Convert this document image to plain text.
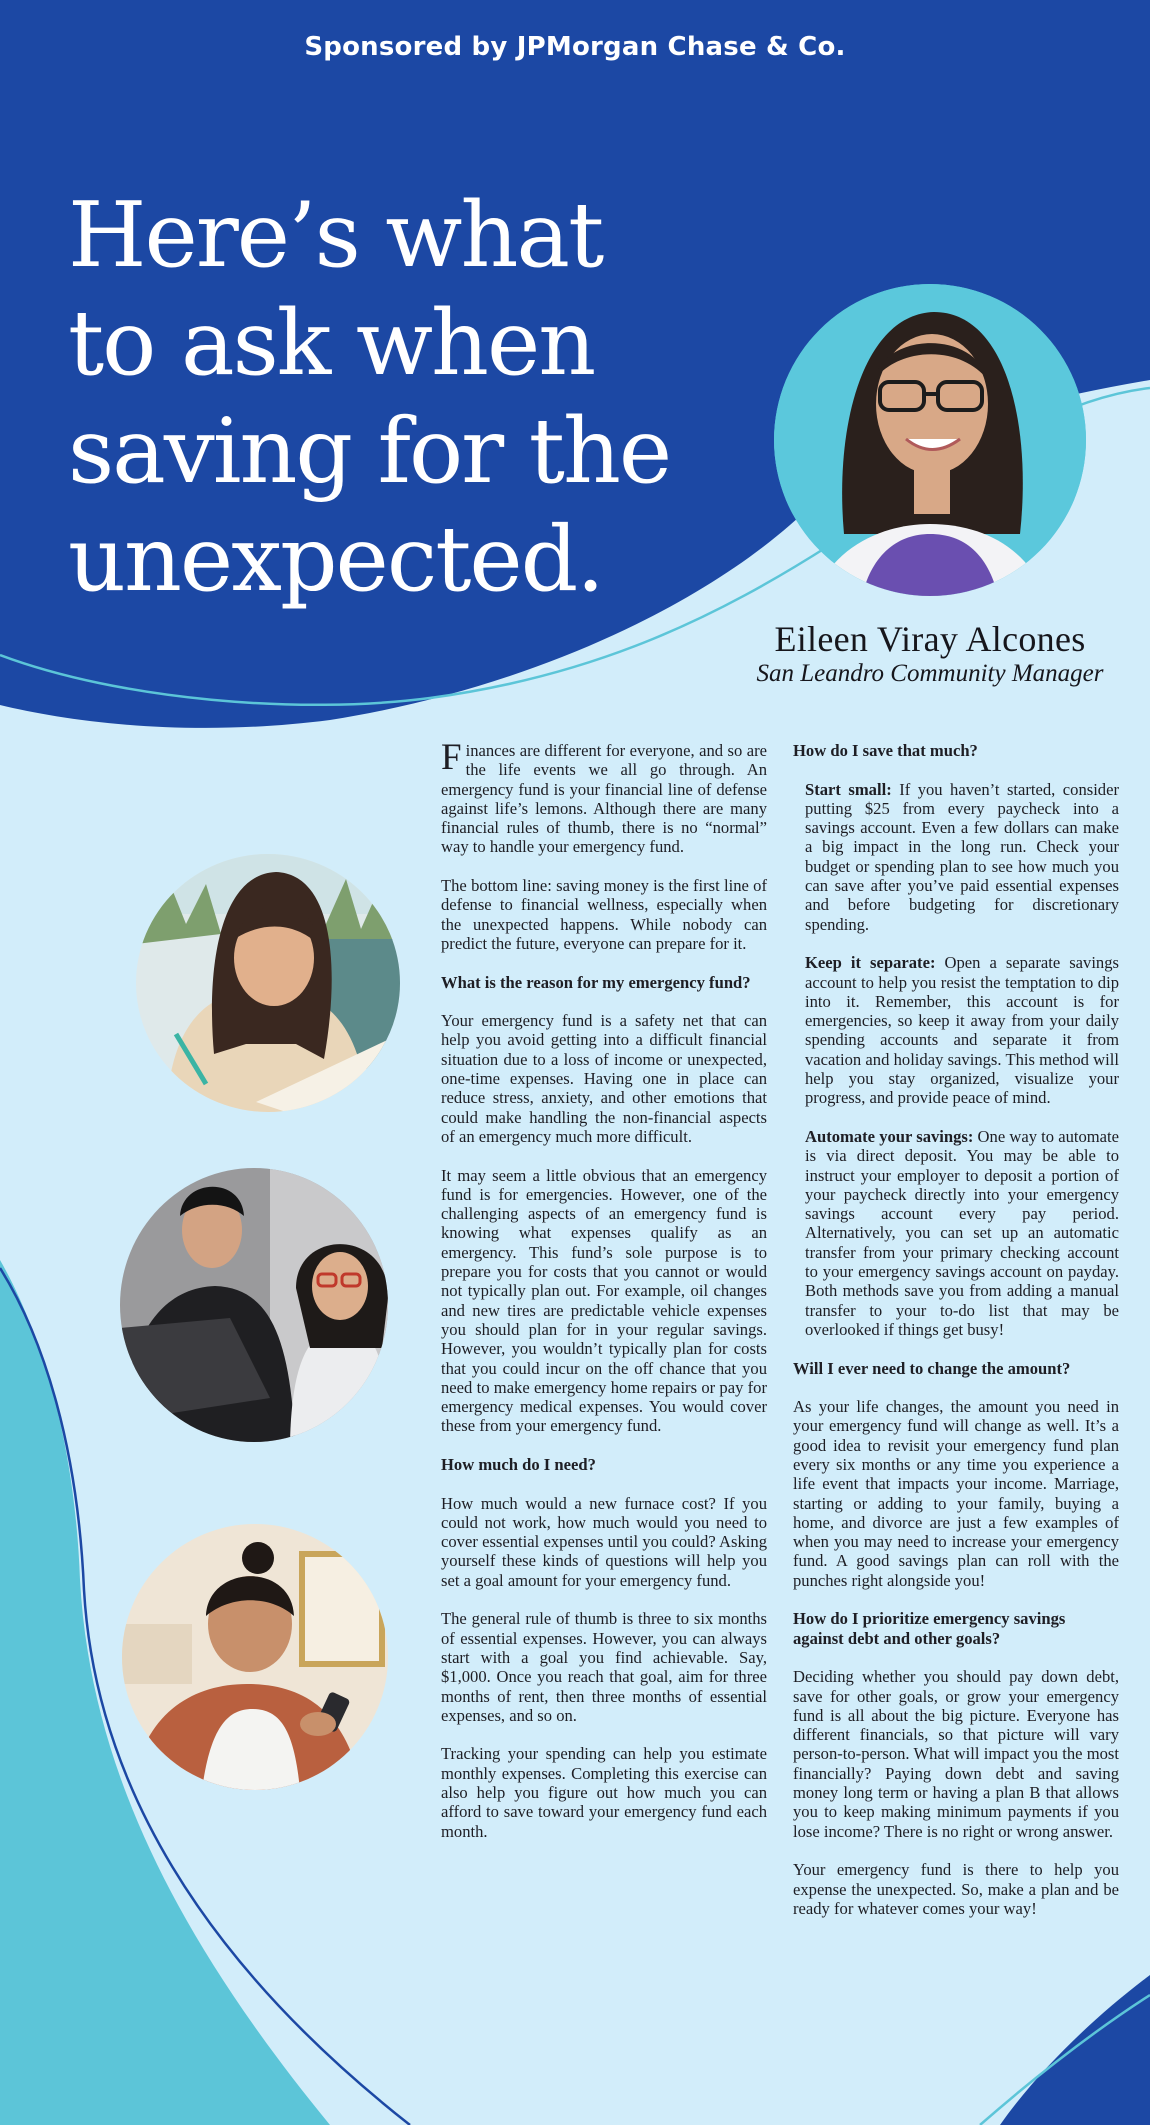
Sponsored by JPMorgan Chase & Co.
Here’s what
to ask when
saving for the
unexpected.
Eileen Viray Alcones
San Leandro Community Manager

Finances are different for everyone, and so are the life events we all go through. An emergency fund is your financial line of defense against life’s lemons. Although there are many financial rules of thumb, there is no “normal” way to handle your emergency fund.

The bottom line: saving money is the first line of defense to financial wellness, especially when the unexpected happens. While nobody can predict the future, everyone can prepare for it.

What is the reason for my emergency fund?

Your emergency fund is a safety net that can help you avoid getting into a difficult financial situation due to a loss of income or unexpected, one-time expenses. Having one in place can reduce stress, anxiety, and other emotions that could make handling the non-financial aspects of an emergency much more difficult.

It may seem a little obvious that an emergency fund is for emergencies. However, one of the challenging aspects of an emergency fund is knowing what expenses qualify as an emergency. This fund’s sole purpose is to prepare you for costs that you cannot or would not typically plan out. For example, oil changes and new tires are predictable vehicle expenses you should plan for in your regular savings. However, you wouldn’t typically plan for costs that you could incur on the off chance that you need to make emergency home repairs or pay for emergency medical expenses. You would cover these from your emergency fund.

How much do I need?

How much would a new furnace cost? If you could not work, how much would you need to cover essential expenses until you could? Asking yourself these kinds of questions will help you set a goal amount for your emergency fund.

The general rule of thumb is three to six months of essential expenses. However, you can always start with a goal you find achievable. Say, $1,000. Once you reach that goal, aim for three months of rent, then three months of essential expenses, and so on.

Tracking your spending can help you estimate monthly expenses. Completing this exercise can also help you figure out how much you can afford to save toward your emergency fund each month.

How do I save that much?

Start small: If you haven’t started, consider putting $25 from every paycheck into a savings account. Even a few dollars can make a big impact in the long run. Check your budget or spending plan to see how much you can save after you’ve paid essential expenses and before budgeting for discretionary spending.

Keep it separate: Open a separate savings account to help you resist the temptation to dip into it. Remember, this account is for emergencies, so keep it away from your daily spending accounts and separate it from vacation and holiday savings. This method will help you stay organized, visualize your progress, and provide peace of mind.

Automate your savings: One way to automate is via direct deposit. You may be able to instruct your employer to deposit a portion of your paycheck directly into your emergency savings account every pay period. Alternatively, you can set up an automatic transfer from your primary checking account to your emergency savings account on payday. Both methods save you from adding a manual transfer to your to-do list that may be overlooked if things get busy!

Will I ever need to change the amount?

As your life changes, the amount you need in your emergency fund will change as well. It’s a good idea to revisit your emergency fund plan every six months or any time you experience a life event that impacts your income. Marriage, starting or adding to your family, buying a home, and divorce are just a few examples of when you may need to increase your emergency fund. A good savings plan can roll with the punches right alongside you!

How do I prioritize emergency savings against debt and other goals?

Deciding whether you should pay down debt, save for other goals, or grow your emergency fund is all about the big picture. Everyone has different financials, so that picture will vary person-to-person. What will impact you the most financially? Paying down debt and saving money long term or having a plan B that allows you to keep making minimum payments if you lose income? There is no right or wrong answer.

Your emergency fund is there to help you expense the unexpected. So, make a plan and be ready for whatever comes your way!
